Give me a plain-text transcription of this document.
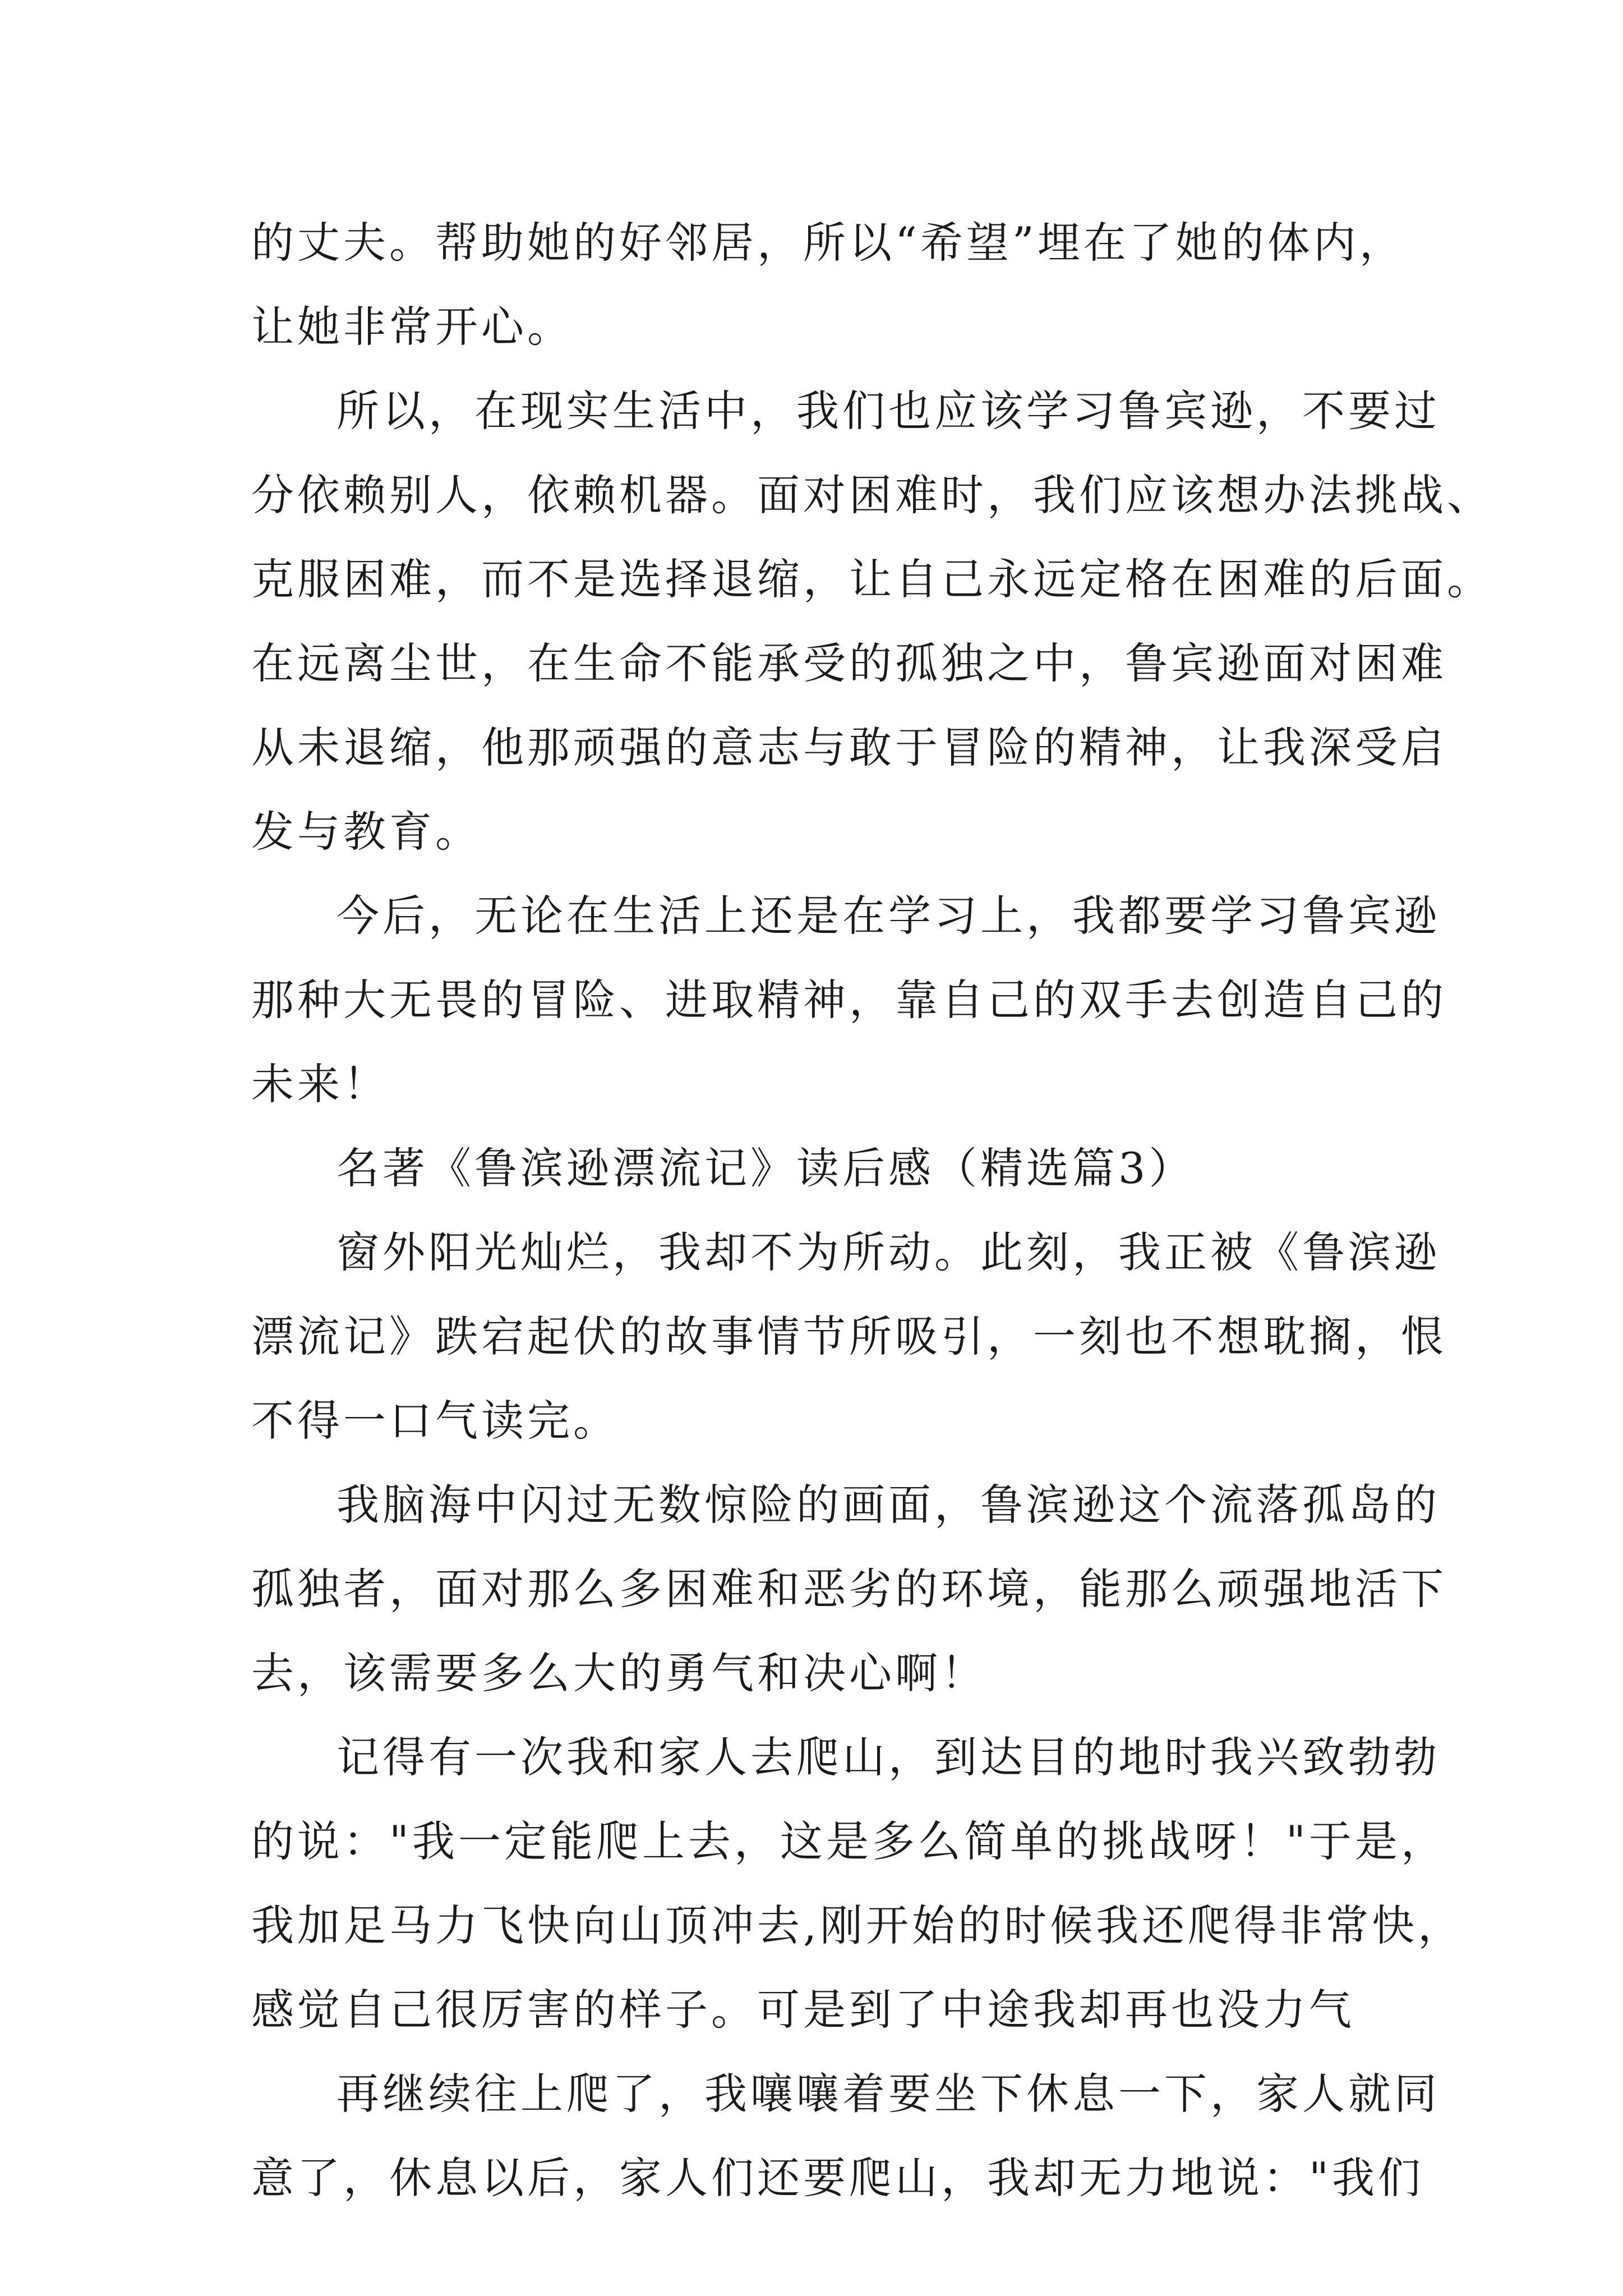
的丈夫。帮助她的好邻居，所以“希望”埋在了她的体内，
让她非常开心。
所以，在现实生活中，我们也应该学习鲁宾逊，不要过
分依赖别人，依赖机器。面对困难时，我们应该想办法挑战、
克服困难，而不是选择退缩，让自己永远定格在困难的后面。
在远离尘世，在生命不能承受的孤独之中，鲁宾逊面对困难
从未退缩，他那顽强的意志与敢于冒险的精神，让我深受启
发与教育。
今后，无论在生活上还是在学习上，我都要学习鲁宾逊
那种大无畏的冒险、进取精神，靠自己的双手去创造自己的
未来！
名著《鲁滨逊漂流记》读后感（精选篇3）
窗外阳光灿烂，我却不为所动。此刻，我正被《鲁滨逊
漂流记》跌宕起伏的故事情节所吸引，一刻也不想耽搁，恨
不得一口气读完。
我脑海中闪过无数惊险的画面，鲁滨逊这个流落孤岛的
孤独者，面对那么多困难和恶劣的环境，能那么顽强地活下
去，该需要多么大的勇气和决心啊！
记得有一次我和家人去爬山，到达目的地时我兴致勃勃
的说："我一定能爬上去，这是多么简单的挑战呀！"于是，
我加足马力飞快向山顶冲去,刚开始的时候我还爬得非常快，
感觉自己很厉害的样子。可是到了中途我却再也没力气
再继续往上爬了，我嚷嚷着要坐下休息一下，家人就同
意了，休息以后，家人们还要爬山，我却无力地说："我们
